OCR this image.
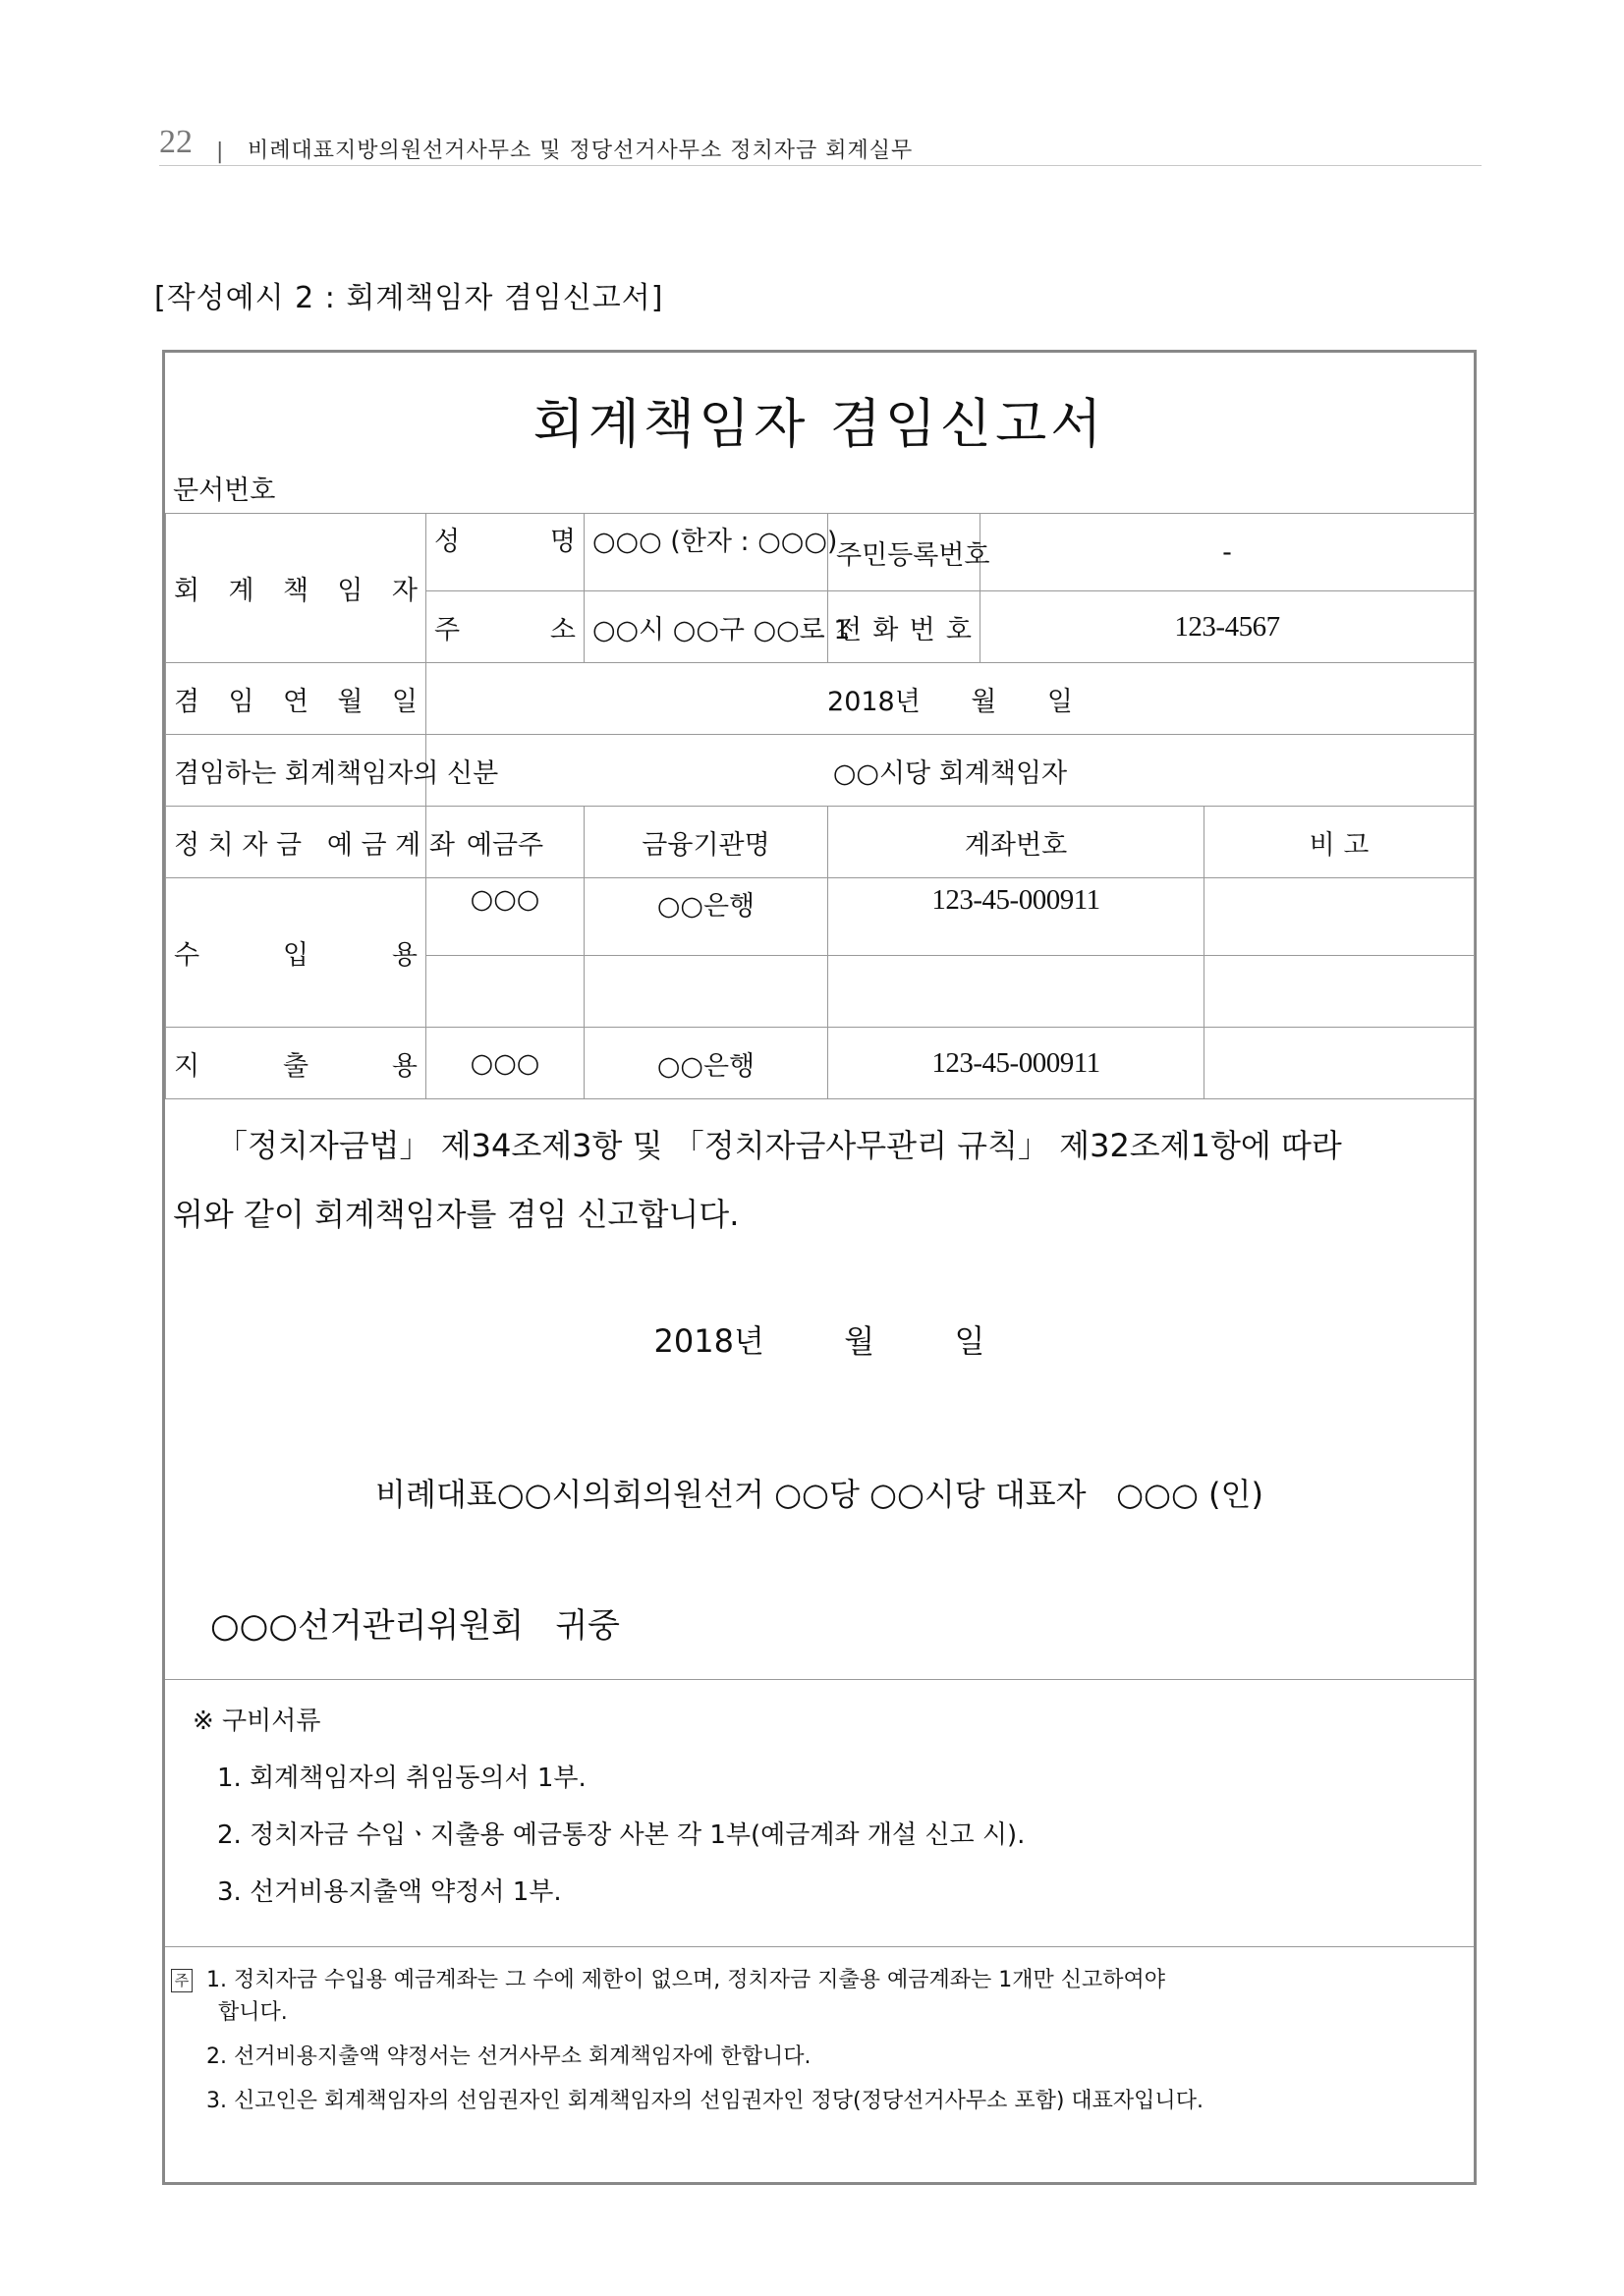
22 | 비례대표지방의원선거사무소 및 정당선거사무소 정치자금 회계실무
[작성예시 2 : 회계책임자 겸임신고서]
회계책임자 겸임신고서
문서번호
회 계 책 임 자	성 명	○○○ (한자 : ○○○)	주민등록번호	-	
	주 소	○○시 ○○구 ○○로 1	전 화 번 호	123-4567	
겸 임 연 월 일	2018년      월      일				
겸임하는 회계책임자의 신분	○○시당 회계책임자				
정 치 자 금   예 금 계 좌	예금주	금융기관명	계좌번호		비 고
수 입 용	○○○	○○은행	123-45-000911		

지 출 용	○○○	○○은행	123-45-000911		
「정치자금법」 제34조제3항 및 「정치자금사무관리 규칙」 제32조제1항에 따라
위와 같이 회계책임자를 겸임 신고합니다.
2018년        월        일
비례대표○○시의회의원선거 ○○당 ○○시당 대표자   ○○○ (인)
○○○선거관리위원회   귀중
※ 구비서류
1. 회계책임자의 취임동의서 1부.
2. 정치자금 수입ㆍ지출용 예금통장 사본 각 1부(예금계좌 개설 신고 시).
3. 선거비용지출액 약정서 1부.
주 1. 정치자금 수입용 예금계좌는 그 수에 제한이 없으며, 정치자금 지출용 예금계좌는 1개만 신고하여야
합니다.
2. 선거비용지출액 약정서는 선거사무소 회계책임자에 한합니다.
3. 신고인은 회계책임자의 선임권자인 회계책임자의 선임권자인 정당(정당선거사무소 포함) 대표자입니다.
